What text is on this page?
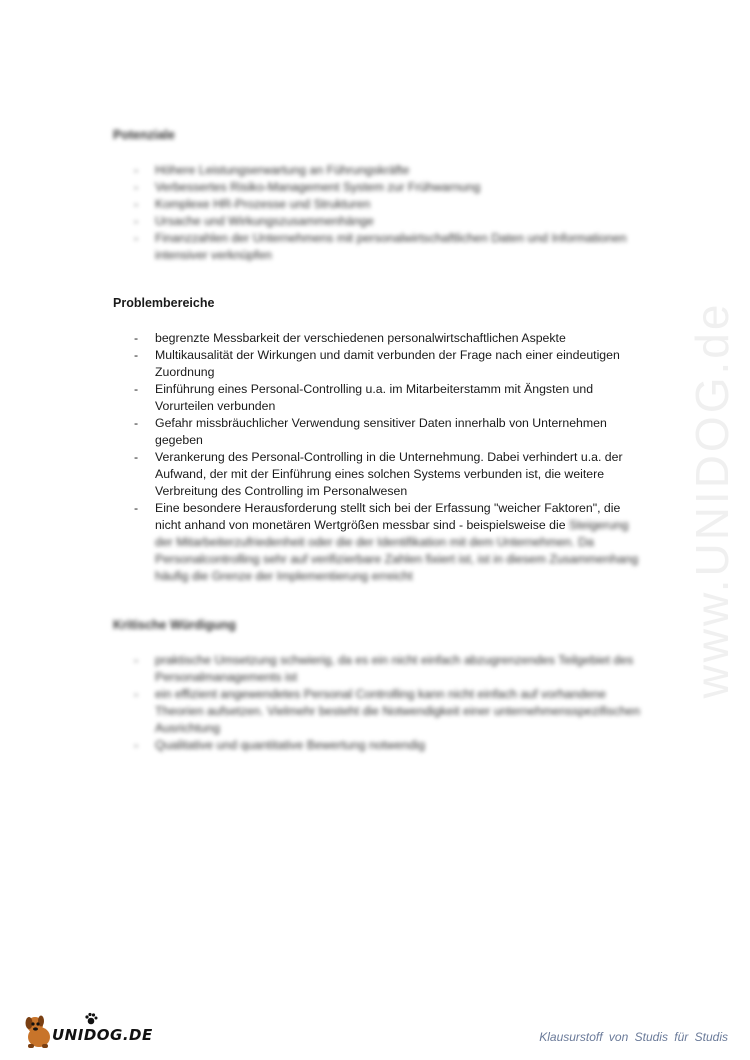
Potenziale
- Höhere Leistungserwartung an Führungskräfte
- Verbessertes Risiko-Management System zur Frühwarnung
- Komplexe HR-Prozesse und Strukturen
- Ursache und Wirkungszusammenhänge
- Finanzzahlen der Unternehmens mit personalwirtschaftlichen Daten und Informationen intensiver verknüpfen
Problembereiche
- begrenzte Messbarkeit der verschiedenen personalwirtschaftlichen Aspekte
- Multikausalität der Wirkungen und damit verbunden der Frage nach einer eindeutigen Zuordnung
- Einführung eines Personal-Controlling u.a. im Mitarbeiterstamm mit Ängsten und Vorurteilen verbunden
- Gefahr missbräuchlicher Verwendung sensitiver Daten innerhalb von Unternehmen gegeben
- Verankerung des Personal-Controlling in die Unternehmung. Dabei verhindert u.a. der Aufwand, der mit der Einführung eines solchen Systems verbunden ist, die weitere Verbreitung des Controlling im Personalwesen
- Eine besondere Herausforderung stellt sich bei der Erfassung "weicher Faktoren", die nicht anhand von monetären Wertgrößen messbar sind - beispielsweise die Steigerung der Mitarbeiterzufriedenheit oder die der Identifikation mit dem Unternehmen. Da Personalcontrolling sehr auf verifizierbare Zahlen fixiert ist, ist in diesem Zusammenhang häufig die Grenze der Implementierung erreicht
Kritische Würdigung
- praktische Umsetzung schwierig, da es ein nicht einfach abzugrenzendes Teilgebiet des Personalmanagements ist
- ein effizient angewendetes Personal Controlling kann nicht einfach auf vorhandene Theorien aufsetzen. Vielmehr besteht die Notwendigkeit einer unternehmensspezifischen Ausrichtung
- Qualitative und quantitative Bewertung notwendig
www.UNIDOG.de
UNIDOG.DE	Klausurstoff von Studis für Studis
